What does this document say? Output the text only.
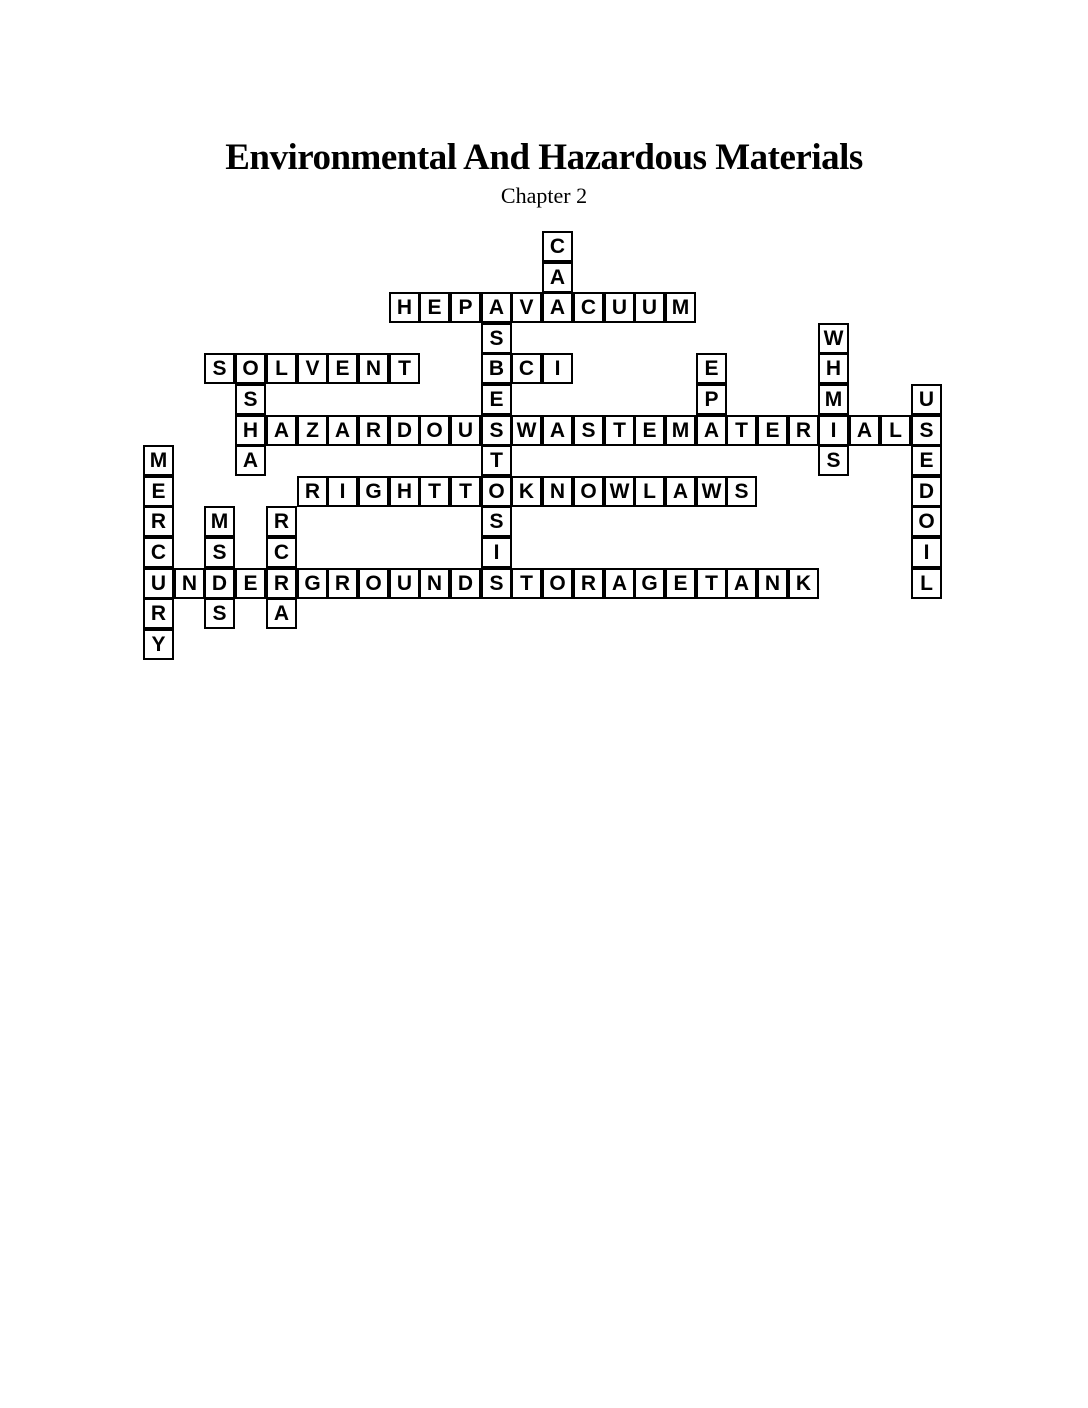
Environmental And Hazardous Materials
Chapter 2
H E P A V A C U U M
S O L V E N T	B C I
H A Z A R D O U S W A S T E M A T E R I A L S
R I G H T T O K N O W L A W S
U N D E R G R O U N D S T O R A G E T A N K
C
A
S
E
T
S
I
W
H
M
S
E
P
S
A
U
E
D
O
I
L
M
E
R
C
R
Y
M
S
S
R
C
A
